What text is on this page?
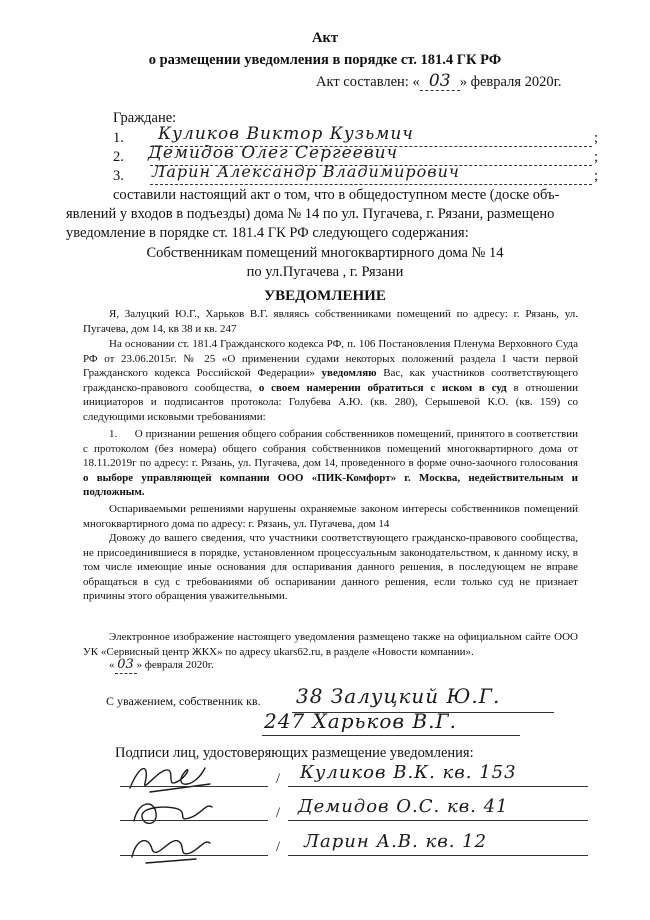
Акт
о размещении уведомления в порядке ст. 181.4 ГК РФ
Акт составлен: « 03 » февраля 2020г.
Граждане:
1. Куликов Виктор Кузьмич	;
2. Демидов Олег Сергеевич	;
3. Ларин Александр Владимирович	;
составили настоящий акт о том, что в общедоступном месте (доске объ-
явлений у входов в подъезды) дома № 14 по ул. Пугачева, г. Рязани, размещено
уведомление в порядке ст. 181.4 ГК РФ следующего содержания:
Собственникам помещений многоквартирного дома № 14
по ул.Пугачева , г. Рязани
УВЕДОМЛЕНИЕ
Я, Залуцкий Ю.Г., Харьков В.Г. являясь собственниками помещений по адресу: г. Рязань, ул. Пугачева, дом 14, кв 38 и кв. 247
На основании ст. 181.4 Гражданского кодекса РФ, п. 106 Постановления Пленума Верховного Суда РФ от 23.06.2015г. № 25 «О применении судами некоторых положений раздела I части первой Гражданского кодекса Российской Федерации» уведомляю Вас, как участников соответствующего гражданско-правового сообщества, о своем намерении обратиться с иском в суд в отношении инициаторов и подписантов протокола: Голубева А.Ю. (кв. 280), Серышевой К.О. (кв. 159) со следующими исковыми требованиями:
1. О признании решения общего собрания собственников помещений, принятого в соответствии с протоколом (без номера) общего собрания собственников помещений многоквартирного дома от 18.11.2019г по адресу: г. Рязань, ул. Пугачева, дом 14, проведенного в форме очно-заочного голосования о выборе управляющей компании ООО «ПИК-Комфорт» г. Москва, недействительным и подложным.
Оспариваемыми решениями нарушены охраняемые законом интересы собственников помещений многоквартирного дома по адресу: г. Рязань, ул. Пугачева, дом 14
Довожу до вашего сведения, что участники соответствующего гражданско-правового сообщества, не присоединившиеся в порядке, установленном процессуальным законодательством, к данному иску, в том числе имеющие иные основания для оспаривания данного решения, в последующем не вправе обращаться в суд с требованиями об оспаривании данного решения, если только суд не признает причины этого обращения уважительными.
Электронное изображение настоящего уведомления размещено также на официальном сайте ООО УК «Сервисный центр ЖКХ» по адресу ukars62.ru, в разделе «Новости компании».
« 03 » февраля 2020г.
С уважением, собственник кв. 38 Залуцкий Ю.Г.
247 Харьков В.Г.
Подписи лиц, удостоверяющих размещение уведомления:
/ Куликов В.К. кв. 153
/ Демидов О.С. кв. 41
/ Ларин А.В. кв. 12
